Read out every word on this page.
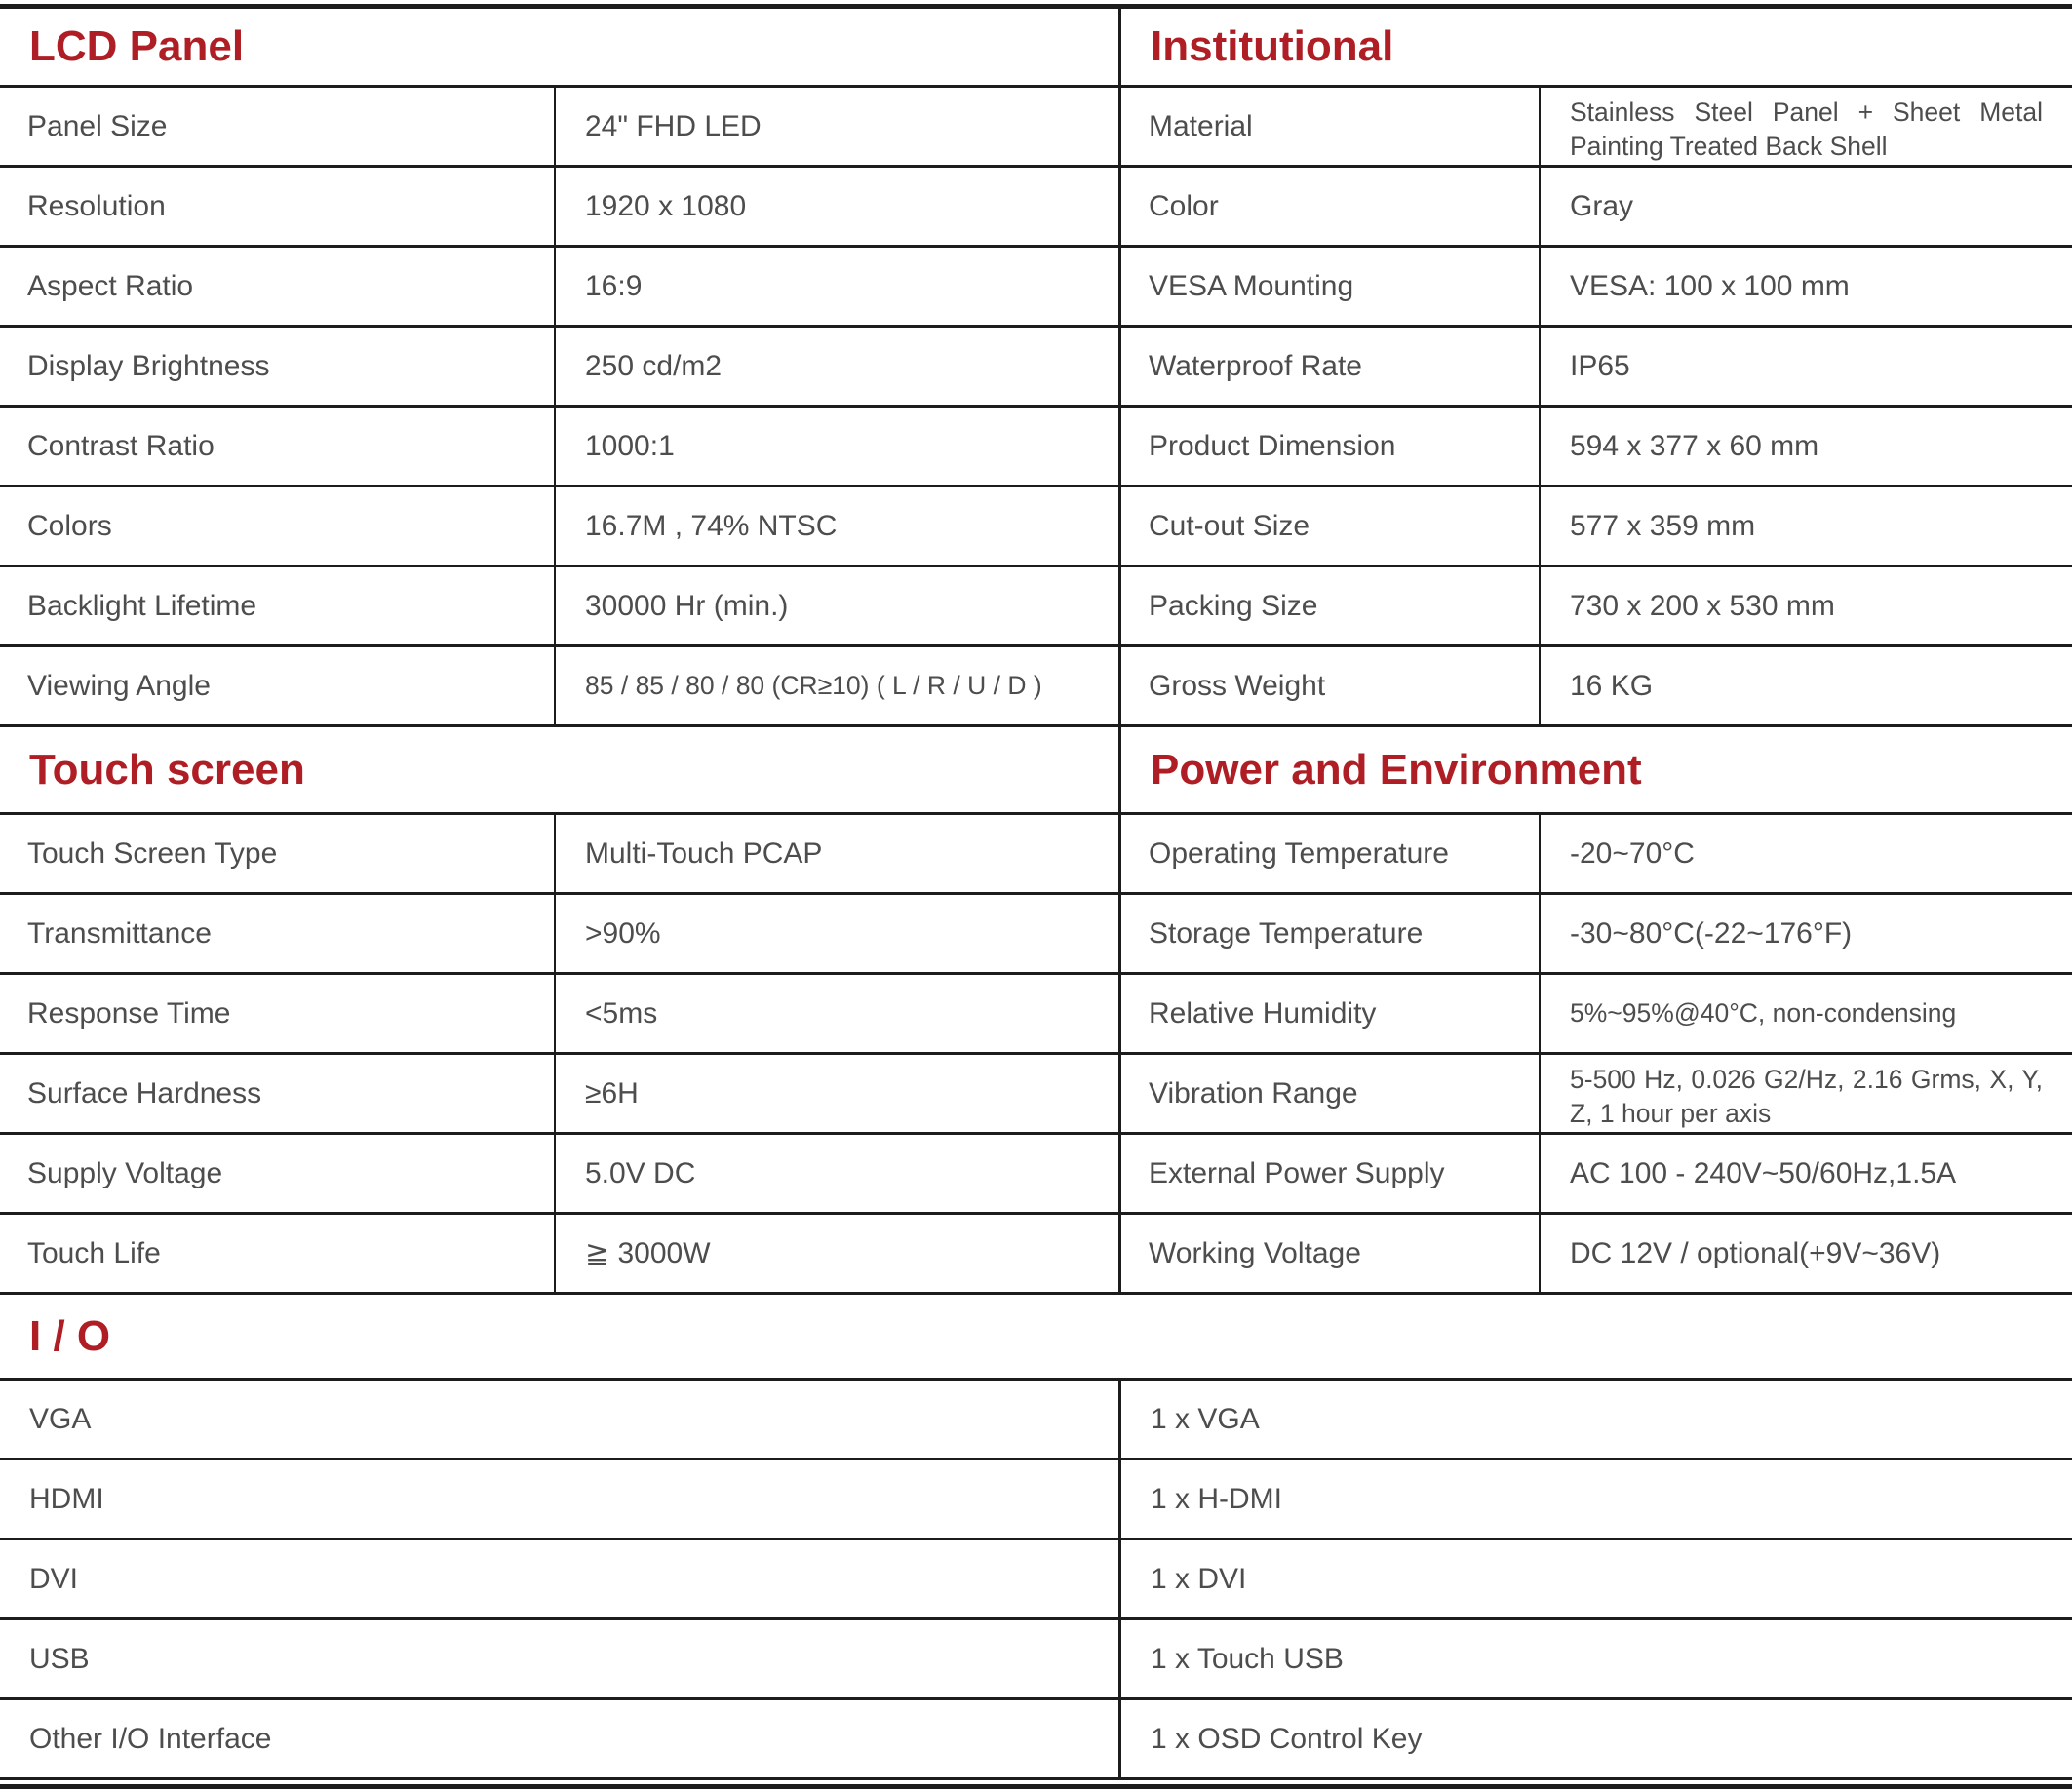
LCD Panel
Panel Size	24" FHD LED
Resolution	1920 x 1080
Aspect Ratio	16:9
Display Brightness	250 cd/m2
Contrast Ratio	1000:1
Colors	16.7M , 74% NTSC
Backlight Lifetime	30000 Hr (min.)
Viewing Angle	85 / 85 / 80 / 80 (CR≥10) ( L / R / U / D )
Institutional
Material	Stainless Steel Panel + Sheet Metal Painting Treated Back Shell
Color	Gray
VESA Mounting	VESA: 100 x 100 mm
Waterproof Rate	IP65
Product Dimension	594 x 377 x 60 mm
Cut-out Size	577 x 359 mm
Packing Size	730 x 200 x 530 mm
Gross Weight	16 KG
Touch screen
Touch Screen Type	Multi-Touch PCAP
Transmittance	>90%
Response Time	<5ms
Surface Hardness	≥6H
Supply Voltage	5.0V DC
Touch Life	≧ 3000W
Power and Environment
Operating Temperature	-20~70°C
Storage Temperature	-30~80°C(-22~176°F)
Relative Humidity	5%~95%@40°C, non-condensing
Vibration Range	5-500 Hz, 0.026 G2/Hz, 2.16 Grms, X, Y, Z, 1 hour per axis
External Power Supply	AC 100 - 240V~50/60Hz,1.5A
Working Voltage	DC 12V / optional(+9V~36V)
I / O
VGA	1 x VGA
HDMI	1 x H-DMI
DVI	1 x DVI
USB	1 x Touch USB
Other I/O Interface	1 x OSD Control Key
